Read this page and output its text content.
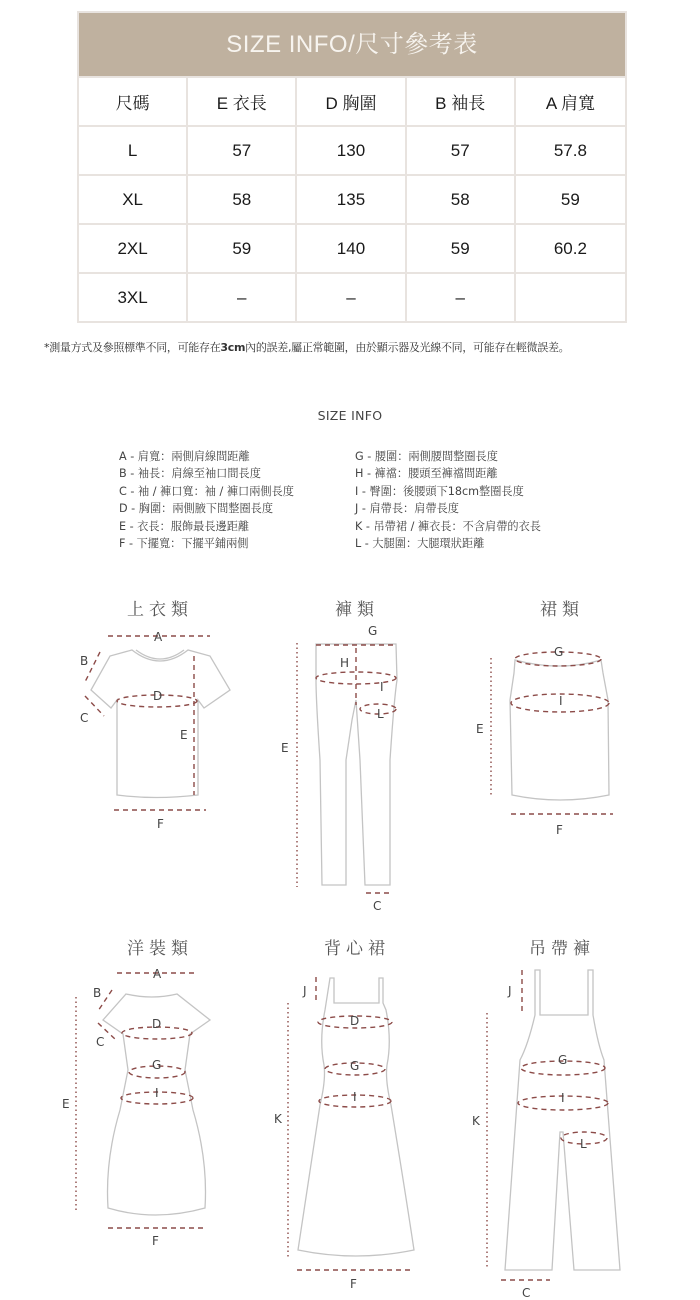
SIZE INFO/尺寸參考表
尺碼	E 衣長	D 胸圍	B 袖長	A 肩寬
L	57	130	57	57.8
XL	58	135	58	59
2XL	59	140	59	60.2
3XL	–	–	–
*測量方式及參照標準不同，可能存在3cm內的誤差,屬正常範圍，由於顯示器及光線不同，可能存在輕微誤差。
SIZE INFO
A - 肩寬：兩側肩線間距離
B - 袖長：肩線至袖口間長度
C - 袖 / 褲口寬：袖 / 褲口兩側長度
D - 胸圍：兩側腋下間整圈長度
E - 衣長：服飾最長邊距離
F - 下擺寬：下擺平鋪兩側
G - 腰圍：兩側腰間整圈長度
H - 褲襠：腰頭至褲襠間距離
I - 臀圍：後腰頭下18cm整圈長度
J - 肩帶長：肩帶長度
K - 吊帶裙 / 褲衣長：不含肩帶的衣長
L - 大腿圍：大腿環狀距離
上衣類	褲類	裙類
洋裝類	背心裙	吊帶褲
A
B
C
D
E
F
G
H
I
L
E
C
G
I
E
F
A
B
C
D
G
I
E
F
J
D
G
I
K
F
J
G
I
L
K
C
